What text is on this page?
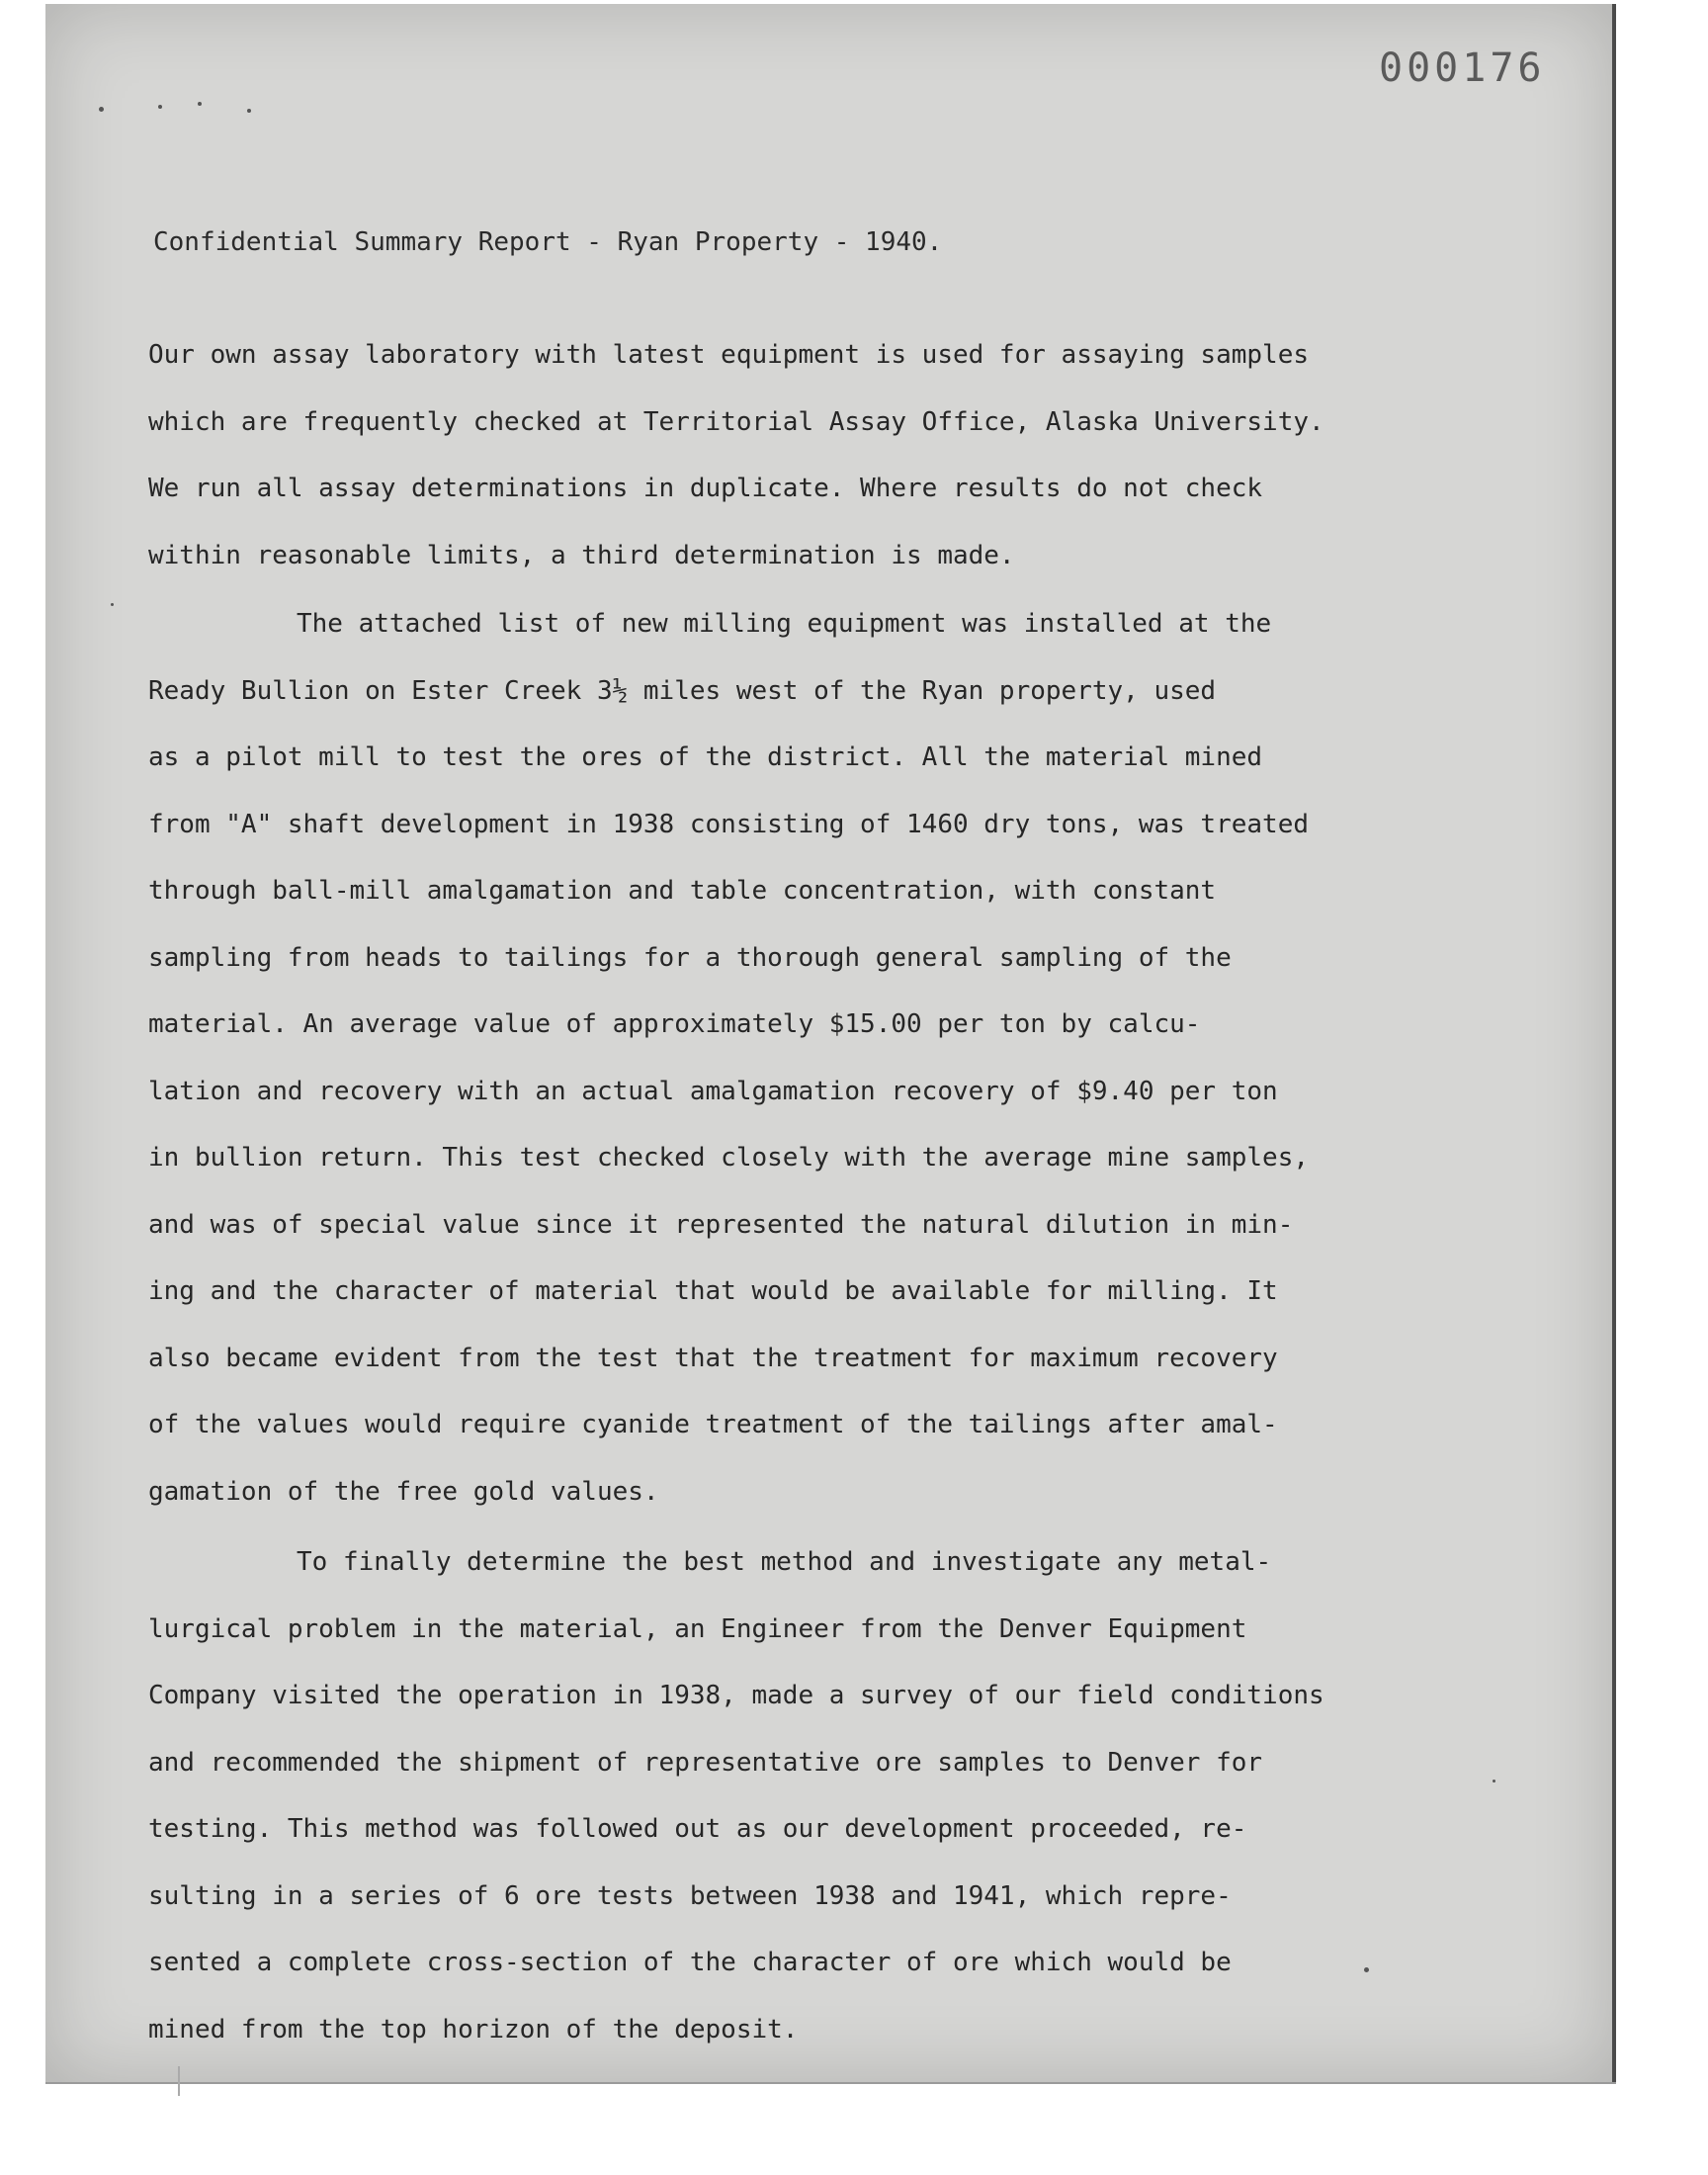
000176
Confidential Summary Report - Ryan Property - 1940.
Our own assay laboratory with latest equipment is used for assaying samples
which are frequently checked at Territorial Assay Office, Alaska University.
We run all assay determinations in duplicate. Where results do not check
within reasonable limits, a third determination is made.
The attached list of new milling equipment was installed at the
Ready Bullion on Ester Creek 3½ miles west of the Ryan property, used
as a pilot mill to test the ores of the district. All the material mined
from "A" shaft development in 1938 consisting of 1460 dry tons, was treated
through ball-mill amalgamation and table concentration, with constant
sampling from heads to tailings for a thorough general sampling of the
material. An average value of approximately $15.00 per ton by calcu-
lation and recovery with an actual amalgamation recovery of $9.40 per ton
in bullion return. This test checked closely with the average mine samples,
and was of special value since it represented the natural dilution in min-
ing and the character of material that would be available for milling. It
also became evident from the test that the treatment for maximum recovery
of the values would require cyanide treatment of the tailings after amal-
gamation of the free gold values.
To finally determine the best method and investigate any metal-
lurgical problem in the material, an Engineer from the Denver Equipment
Company visited the operation in 1938, made a survey of our field conditions
and recommended the shipment of representative ore samples to Denver for
testing. This method was followed out as our development proceeded, re-
sulting in a series of 6 ore tests between 1938 and 1941, which repre-
sented a complete cross-section of the character of ore which would be
mined from the top horizon of the deposit.
